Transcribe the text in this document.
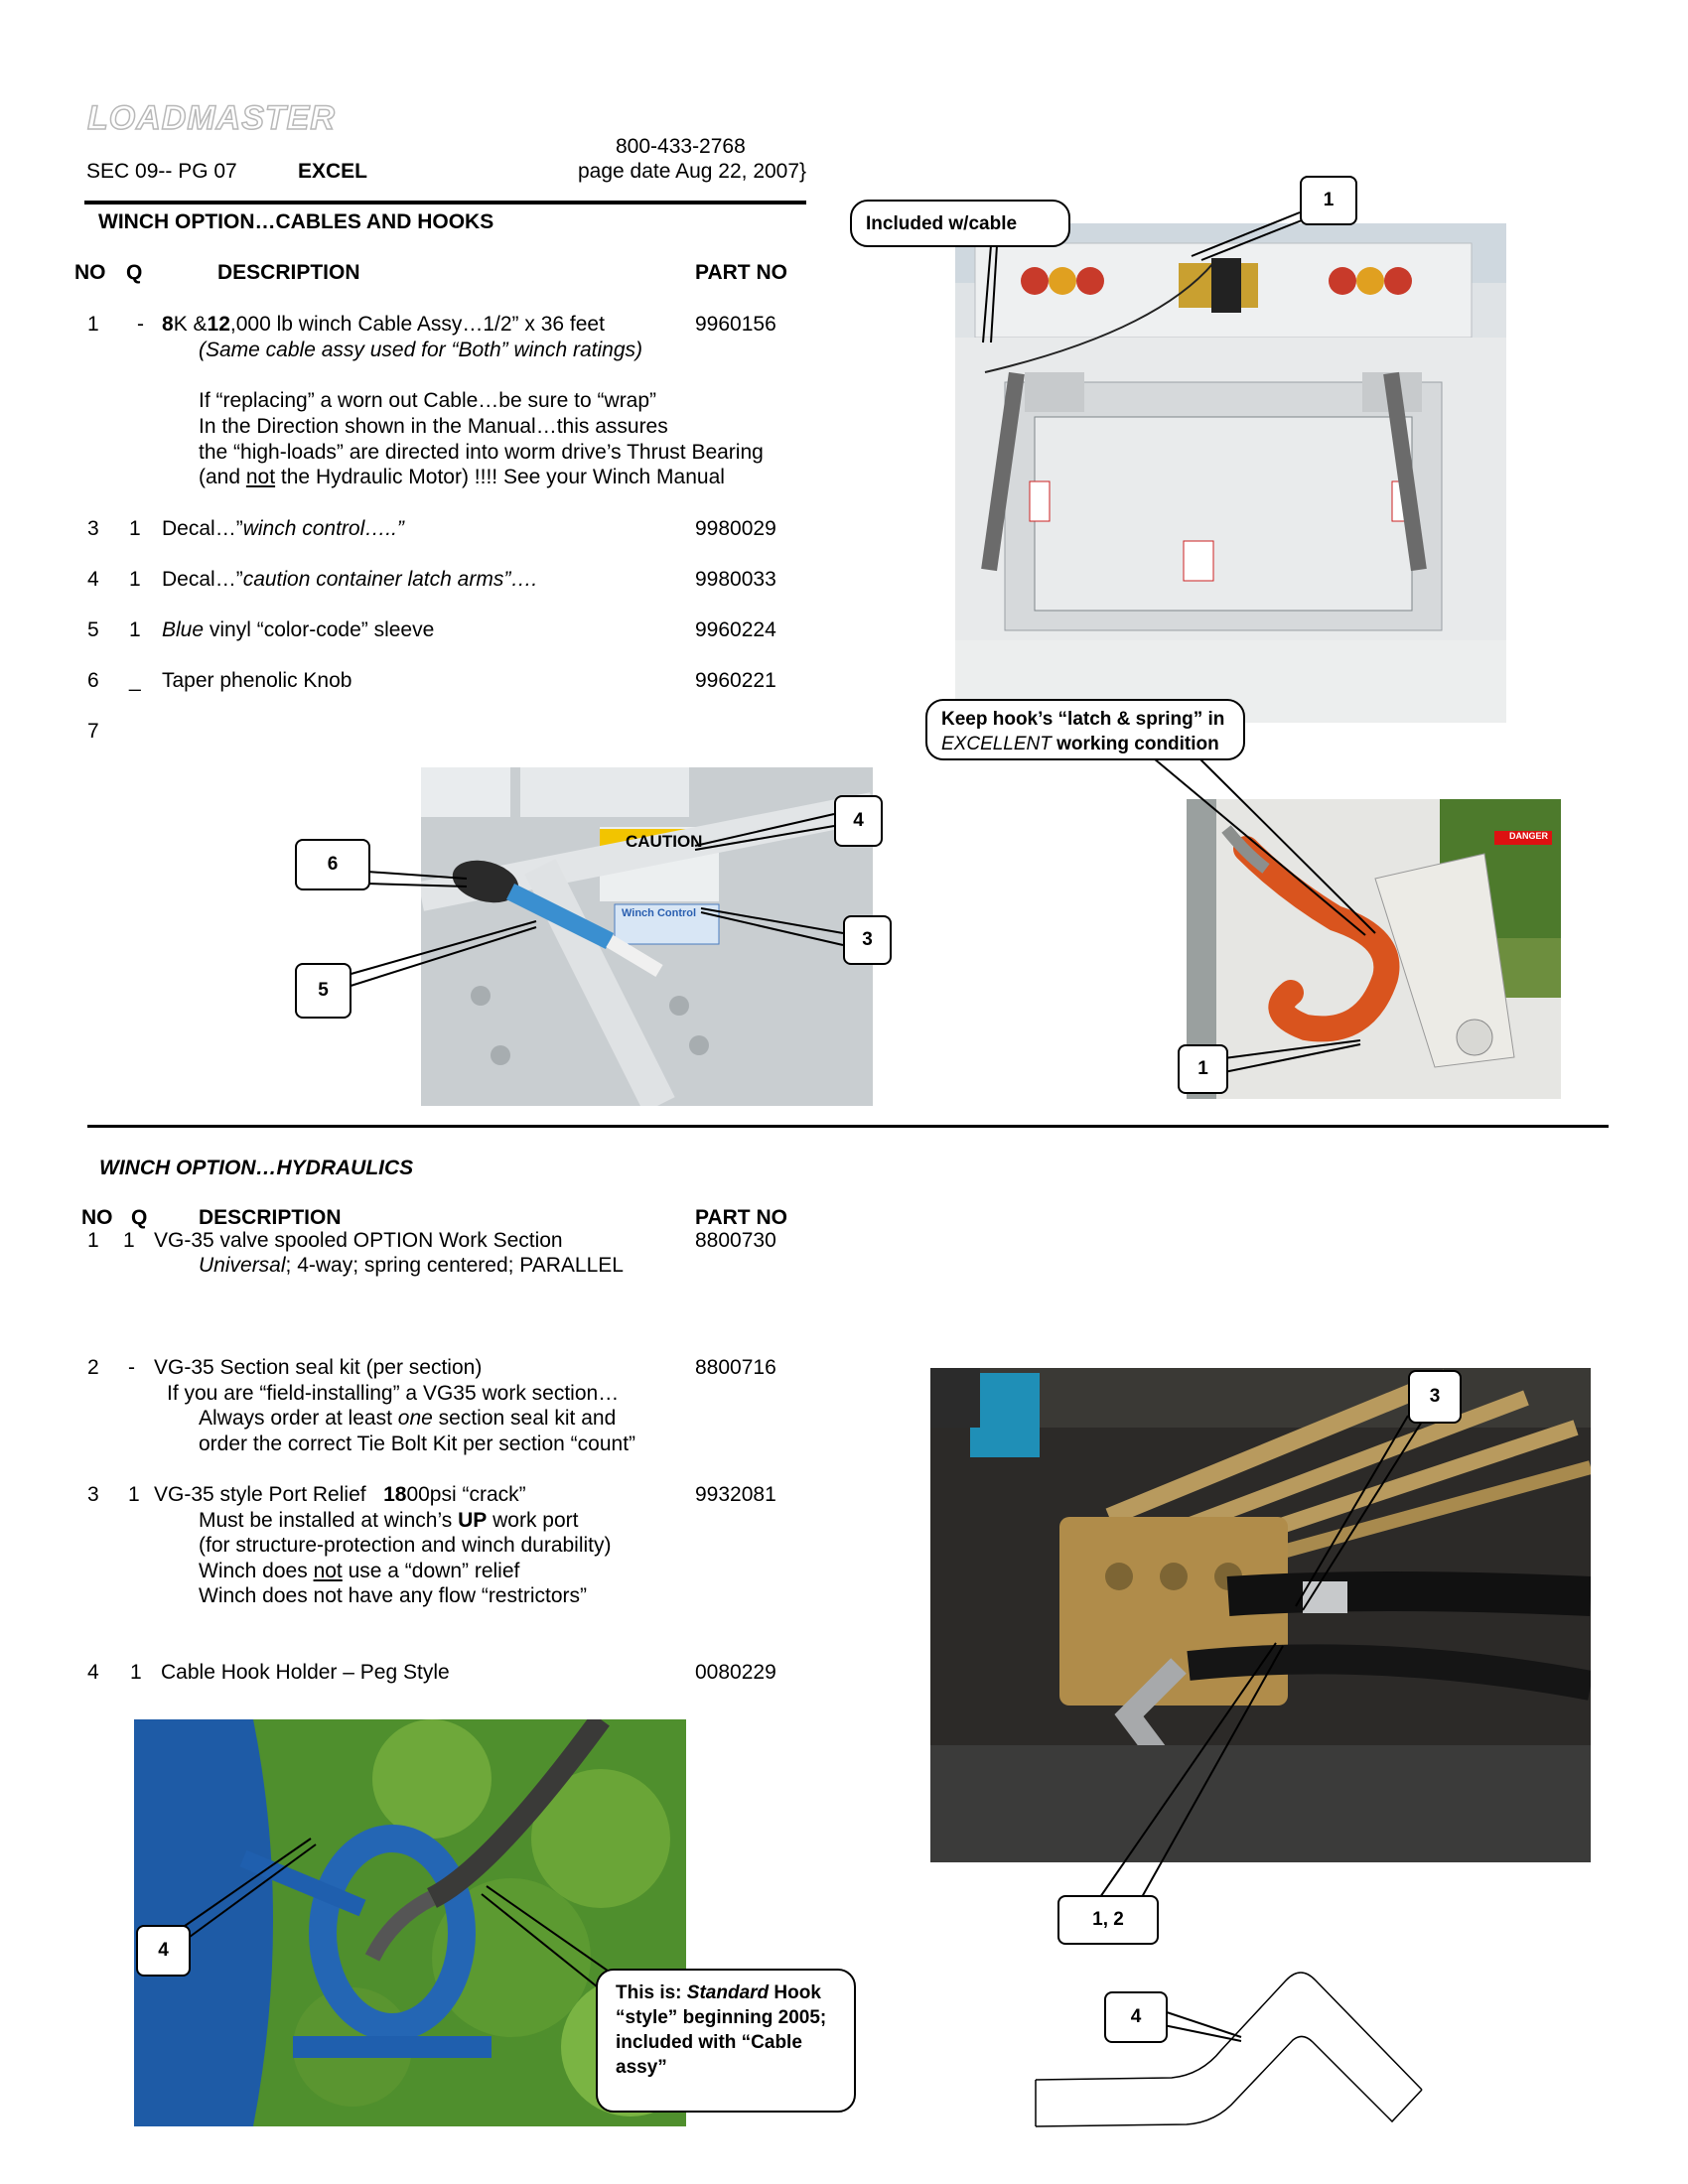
LOADMASTER
800-433-2768
SEC 09-- PG 07	EXCEL	page date Aug 22, 2007}
WINCH OPTION…CABLES AND HOOKS
NO Q	DESCRIPTION	PART NO
1 - 8K &12,000 lb winch Cable Assy…1/2” x 36 feet	9960156
(Same cable assy used for “Both” winch ratings)
If “replacing” a worn out Cable…be sure to “wrap”
In the Direction shown in the Manual…this assures
the “high-loads” are directed into worm drive’s Thrust Bearing
(and not the Hydraulic Motor) !!!! See your Winch Manual
3 1 Decal…”winch control…..”	9980029
4 1 Decal…”caution container latch arms”….	9980033
5 1 Blue vinyl “color-code” sleeve	9960224
6 _ Taper phenolic Knob	9960221
7
CAUTION
Winch Control
DANGER
WINCH OPTION…HYDRAULICS
NO Q DESCRIPTION	PART NO
1 1 VG-35 valve spooled OPTION Work Section	8800730
Universal; 4-way; spring centered; PARALLEL
2 - VG-35 Section seal kit (per section)	8800716
If you are “field-installing” a VG35 work section…
Always order at least one section seal kit and
order the correct Tie Bolt Kit per section “count”
3 1 VG-35 style Port Relief   1800psi “crack”	9932081
Must be installed at winch’s UP work port
(for structure-protection and winch durability)
Winch does not use a “down” relief
Winch does not have any flow “restrictors”
4 1 Cable Hook Holder – Peg Style	0080229
1
Included w/cable
Keep hook’s “latch & spring” in
EXCELLENT working condition
6
5
4
3
1
3
1, 2
4
This is: Standard Hook
“style” beginning 2005;
included with “Cable
assy”
4
